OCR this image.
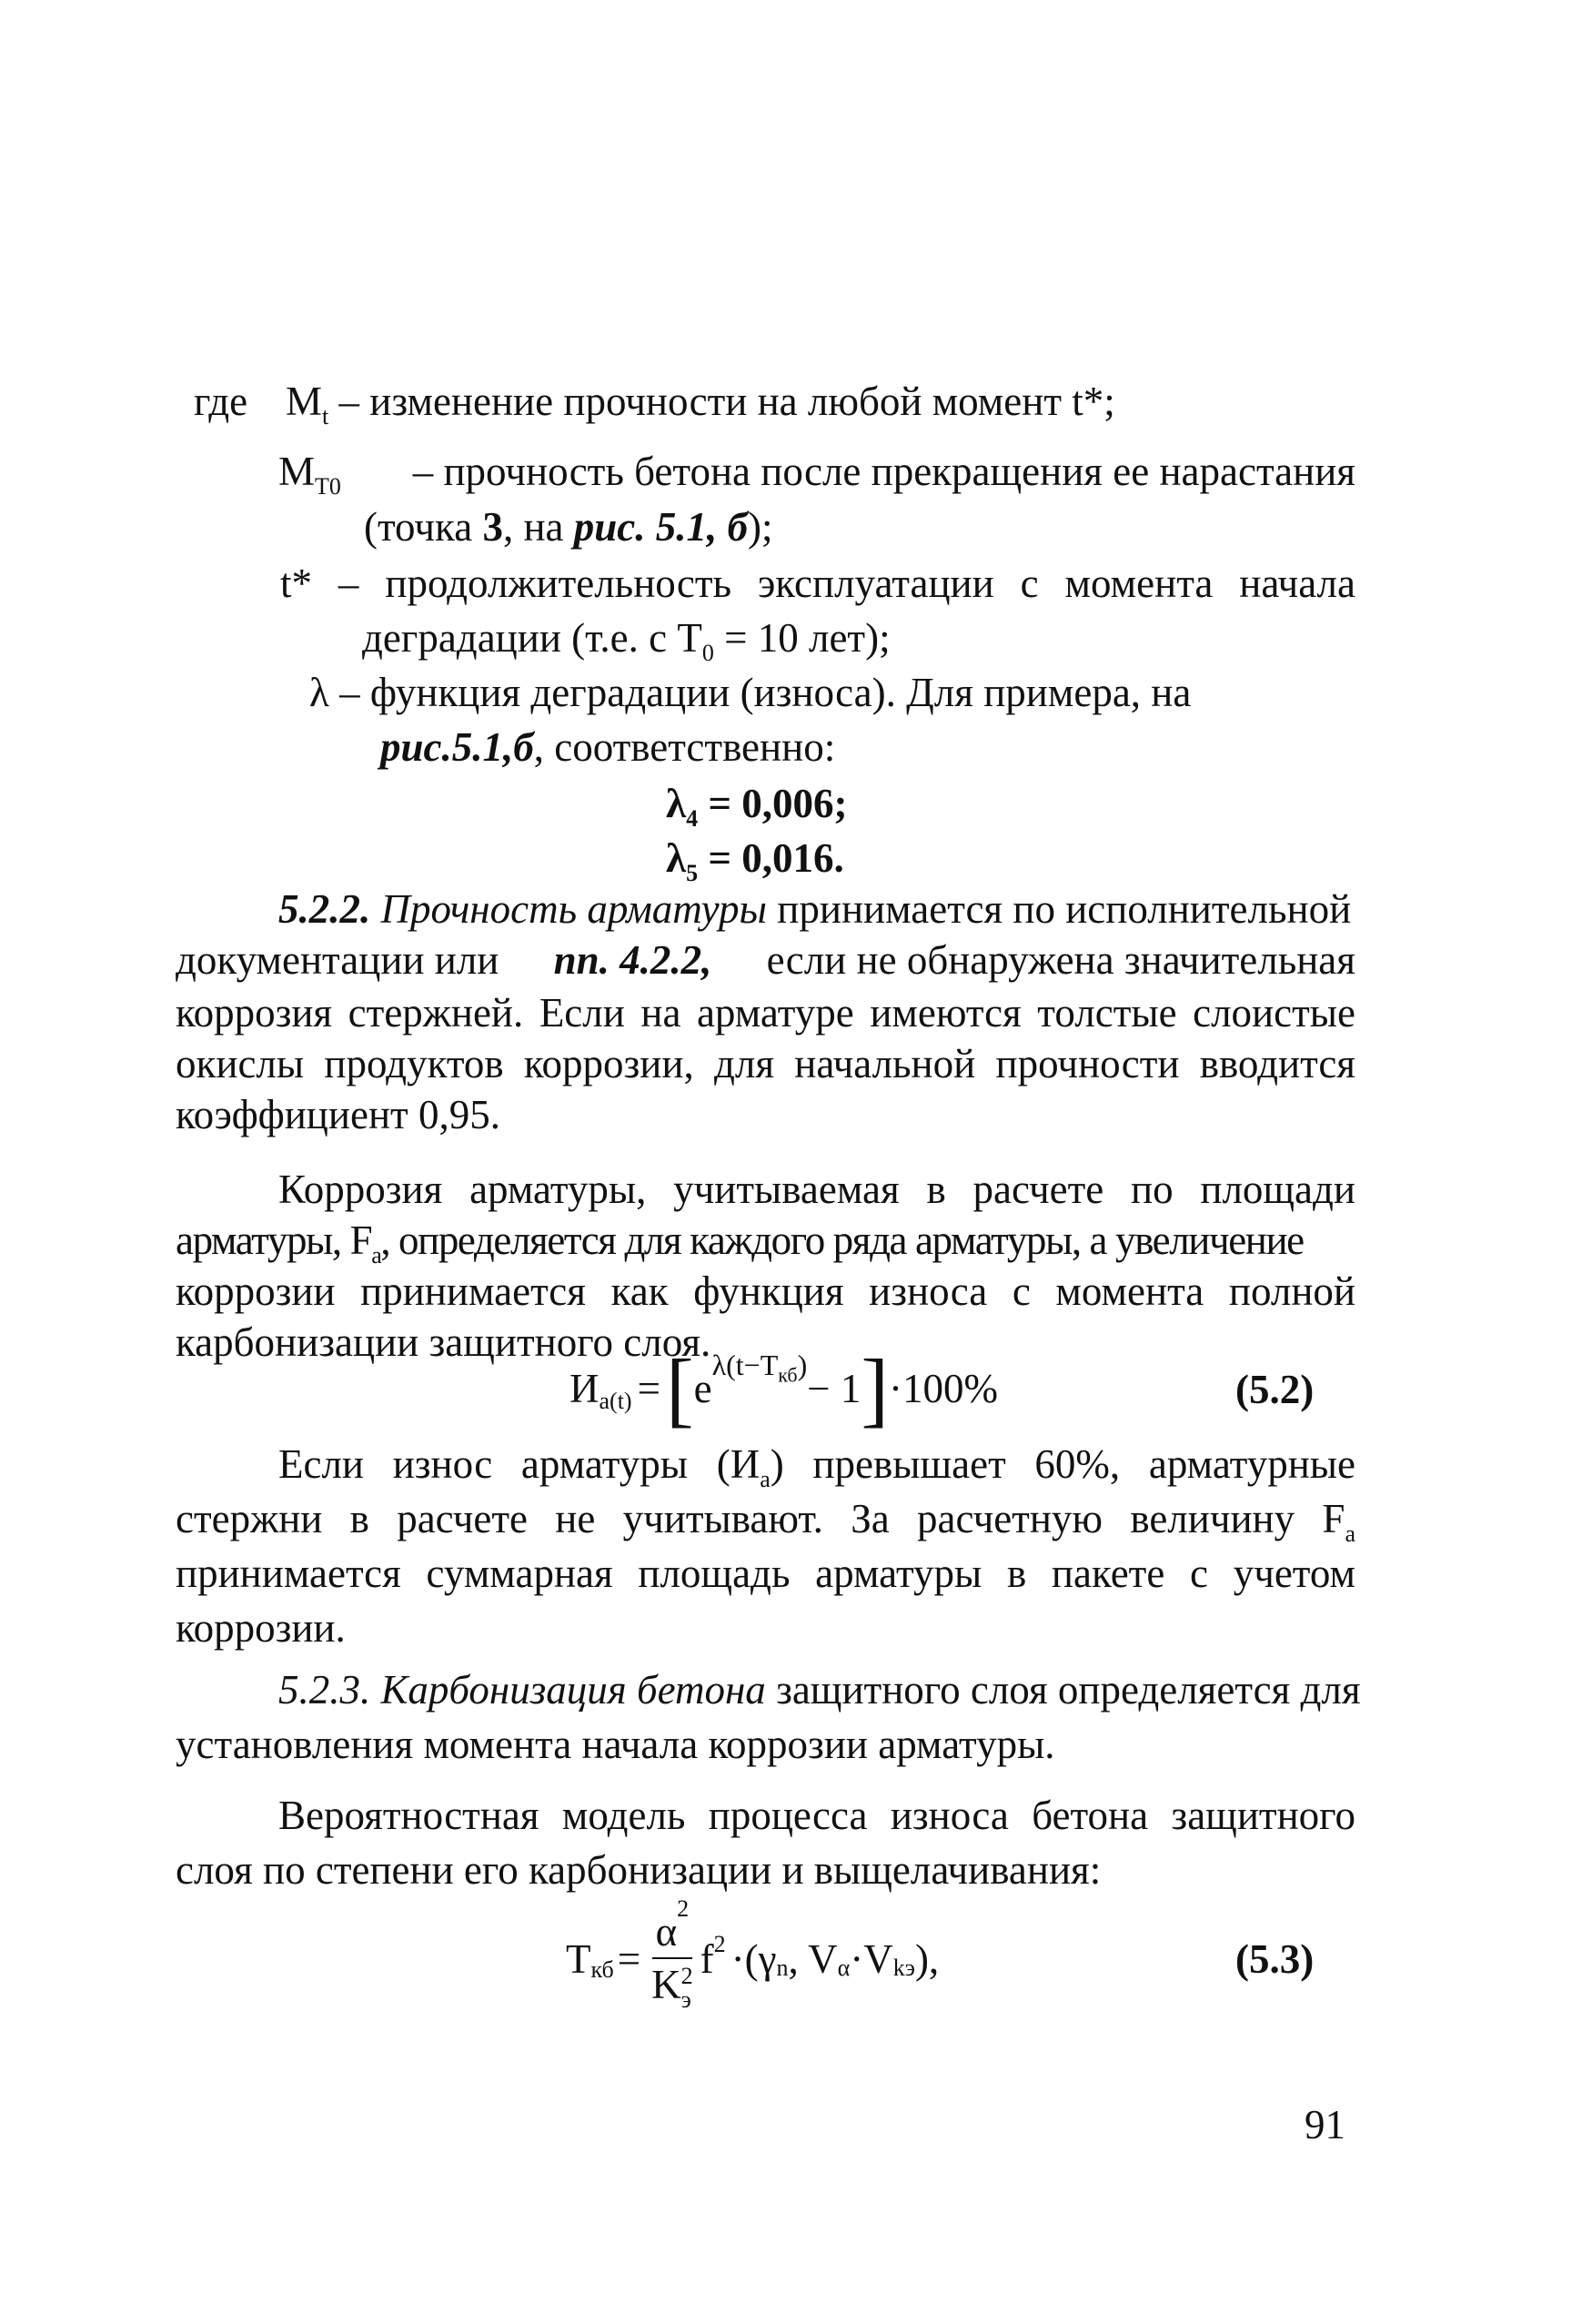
где $M_t$ – изменение прочности на любой момент t*;
$M_{T0}$ – прочность бетона после прекращения ее нарастания
(точка 3, на рис. 5.1, б);
t* – продолжительность эксплуатации с момента начала
деградации (т.е. с $T_0 = 10$ лет);
λ – функция деградации (износа). Для примера, на
рис.5.1,б, соответственно:
$\lambda_4 = 0,006$;
$\lambda_5 = 0,016$.
5.2.2. Прочность арматуры принимается по исполнительной
документации или пп. 4.2.2, если не обнаружена значительная
коррозия стержней. Если на арматуре имеются толстые слоистые
окислы продуктов коррозии, для начальной прочности вводится
коэффициент 0,95.
Коррозия арматуры, учитываемая в расчете по площади
арматуры, $F_a$, определяется для каждого ряда арматуры, а увеличение
коррозии принимается как функция износа с момента полной
карбонизации защитного слоя.
$И_{a(t)}$ = [ e
$^{\lambda(t-T_{кб})}$
− 1 ] ·100%	(5.2)
Если износ арматуры $(И_a)$ превышает 60%, арматурные
стержни в расчете не учитывают. За расчетную величину $F_a$
принимается суммарная площадь арматуры в пакете с учетом
коррозии.
5.2.3. Карбонизация бетона защитного слоя определяется для
установления момента начала коррозии арматуры.
Вероятностная модель процесса износа бетона защитного
слоя по степени его карбонизации и выщелачивания:
$T_{кб} = \alpha^2$
K 2
э $f^2 \cdot(\gamma_n$ , $V_\alpha \cdot V_{kэ}$ ),	(5.3)
91
